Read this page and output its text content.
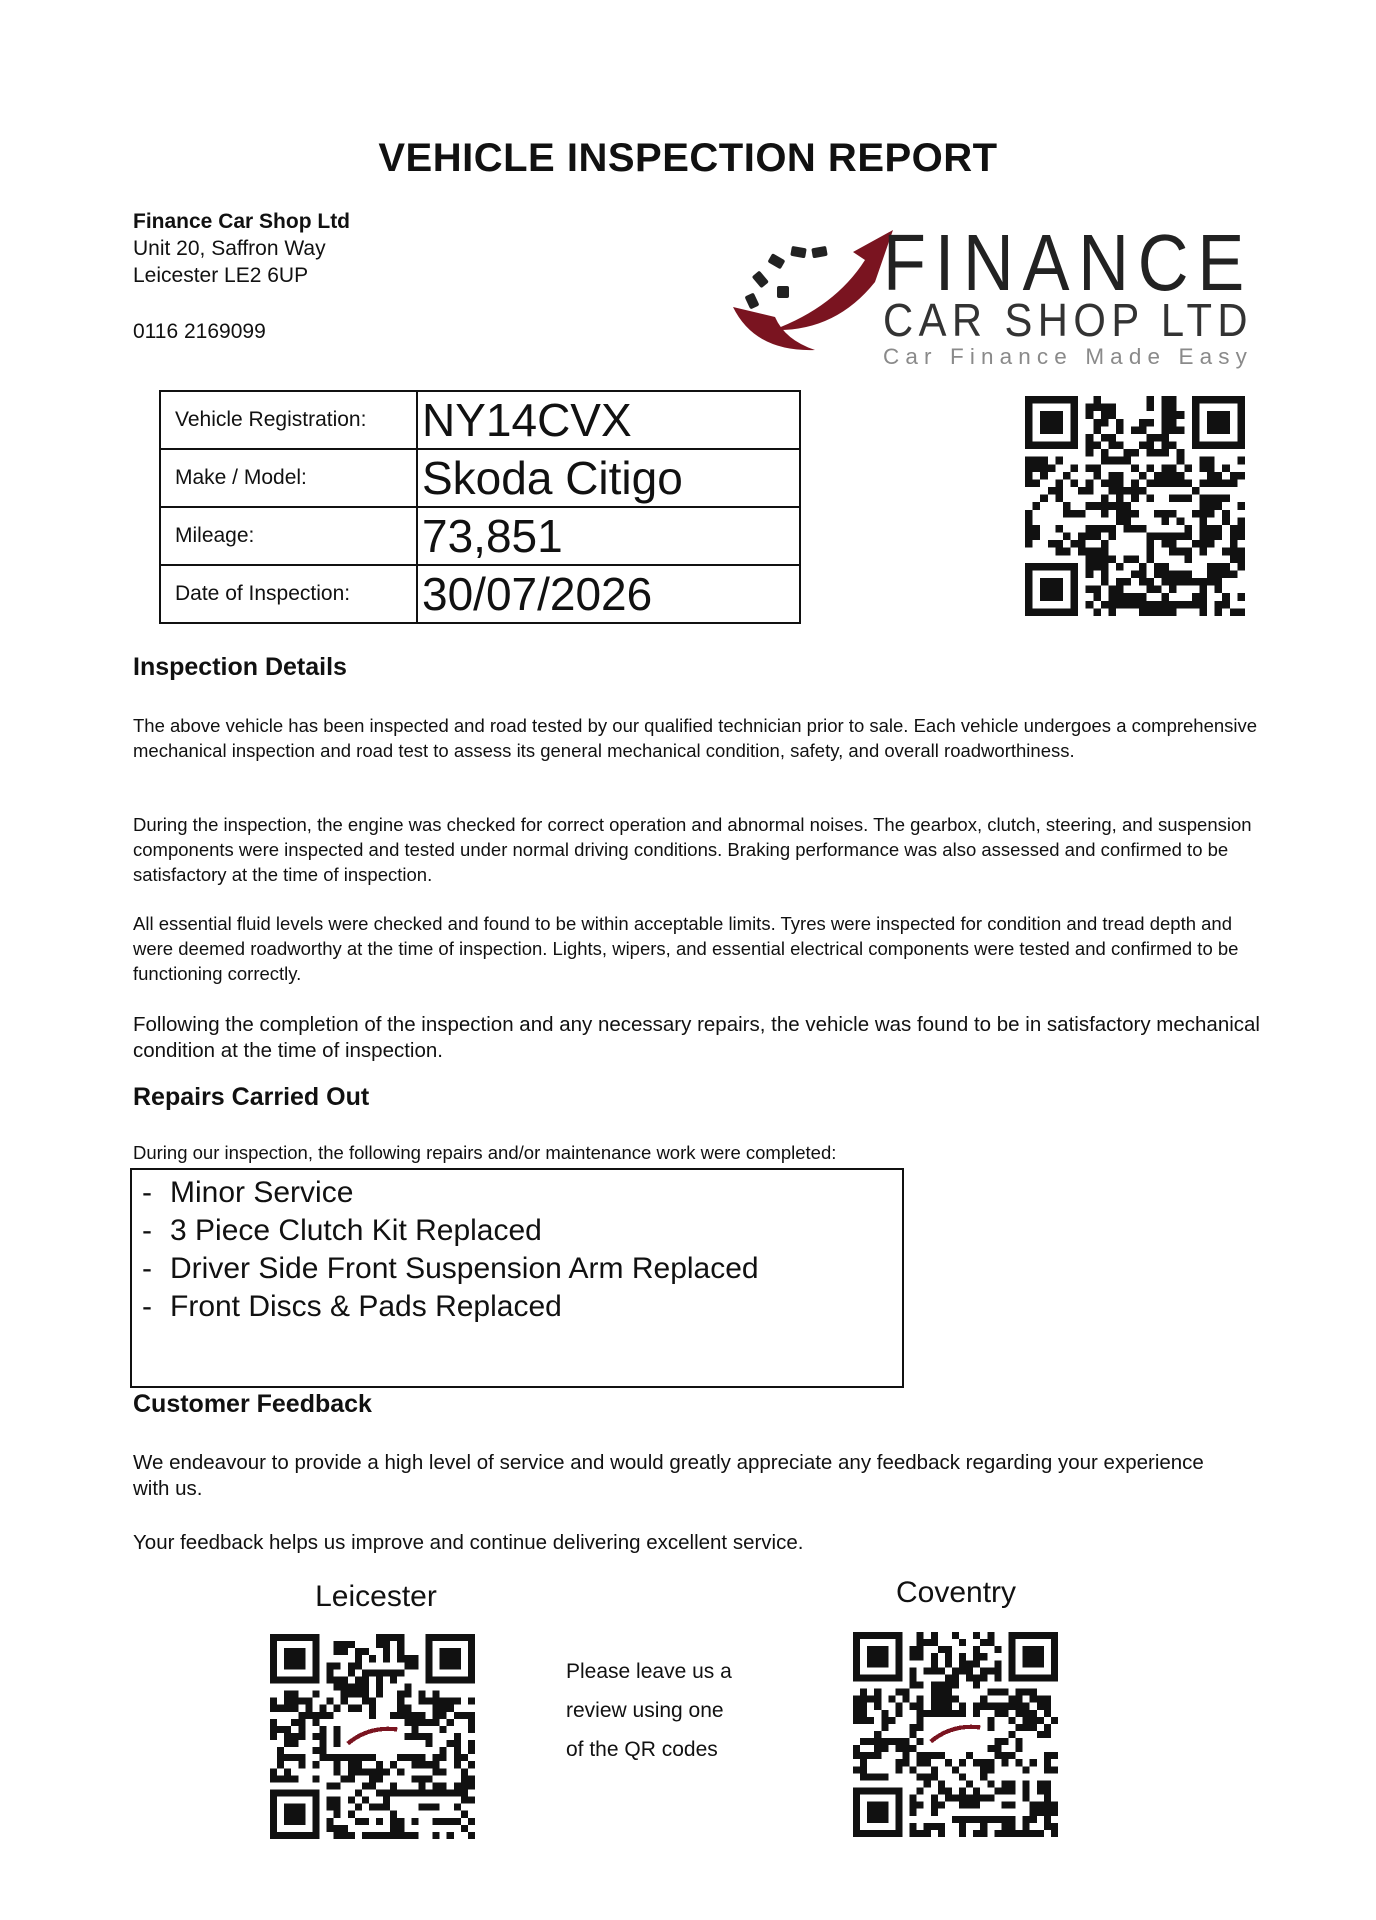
VEHICLE INSPECTION REPORT
Finance Car Shop Ltd
Unit 20, Saffron Way
Leicester LE2 6UP
0116 2169099
FINANCE
CAR SHOP LTD
Car Finance Made Easy
Vehicle Registration:	NY14CVX
Make / Model:	Skoda Citigo
Mileage:	73,851
Date of Inspection:	30/07/2026
Inspection Details

The above vehicle has been inspected and road tested by our qualified technician prior to sale. Each vehicle undergoes a comprehensive mechanical inspection and road test to assess its general mechanical condition, safety, and overall roadworthiness.

During the inspection, the engine was checked for correct operation and abnormal noises. The gearbox, clutch, steering, and suspension components were inspected and tested under normal driving conditions. Braking performance was also assessed and confirmed to be satisfactory at the time of inspection.

All essential fluid levels were checked and found to be within acceptable limits. Tyres were inspected for condition and tread depth and were deemed roadworthy at the time of inspection. Lights, wipers, and essential electrical components were tested and confirmed to be functioning correctly.

Following the completion of the inspection and any necessary repairs, the vehicle was found to be in satisfactory mechanical condition at the time of inspection.

Repairs Carried Out

During our inspection, the following repairs and/or maintenance work were completed:

- Minor Service
- 3 Piece Clutch Kit Replaced
- Driver Side Front Suspension Arm Replaced
- Front Discs & Pads Replaced
Customer Feedback

We endeavour to provide a high level of service and would greatly appreciate any feedback regarding your experience with us.

Your feedback helps us improve and continue delivering excellent service.

Leicester	Coventry
Please leave us a
review using one
of the QR codes
